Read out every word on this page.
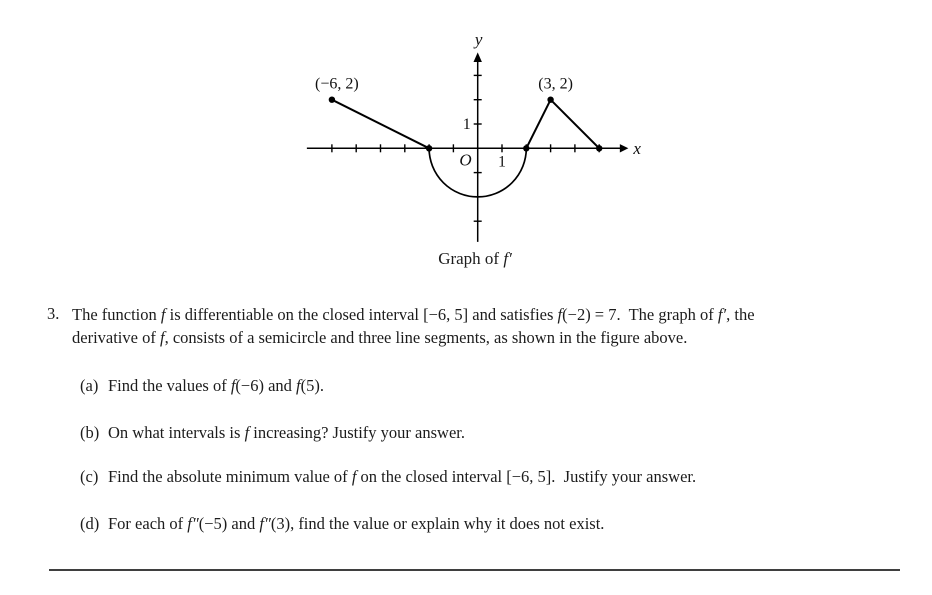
x
y
O 1
1
(−6, 2)	(3, 2)
Graph of f′
3. The function f is differentiable on the closed interval [−6, 5] and satisfies f(−2) = 7.  The graph of f′, the
derivative of f, consists of a semicircle and three line segments, as shown in the figure above.
(a) Find the values of f(−6) and f(5).
(b) On what intervals is f increasing? Justify your answer.
(c) Find the absolute minimum value of f on the closed interval [−6, 5].  Justify your answer.
(d) For each of f″(−5) and f″(3), find the value or explain why it does not exist.
